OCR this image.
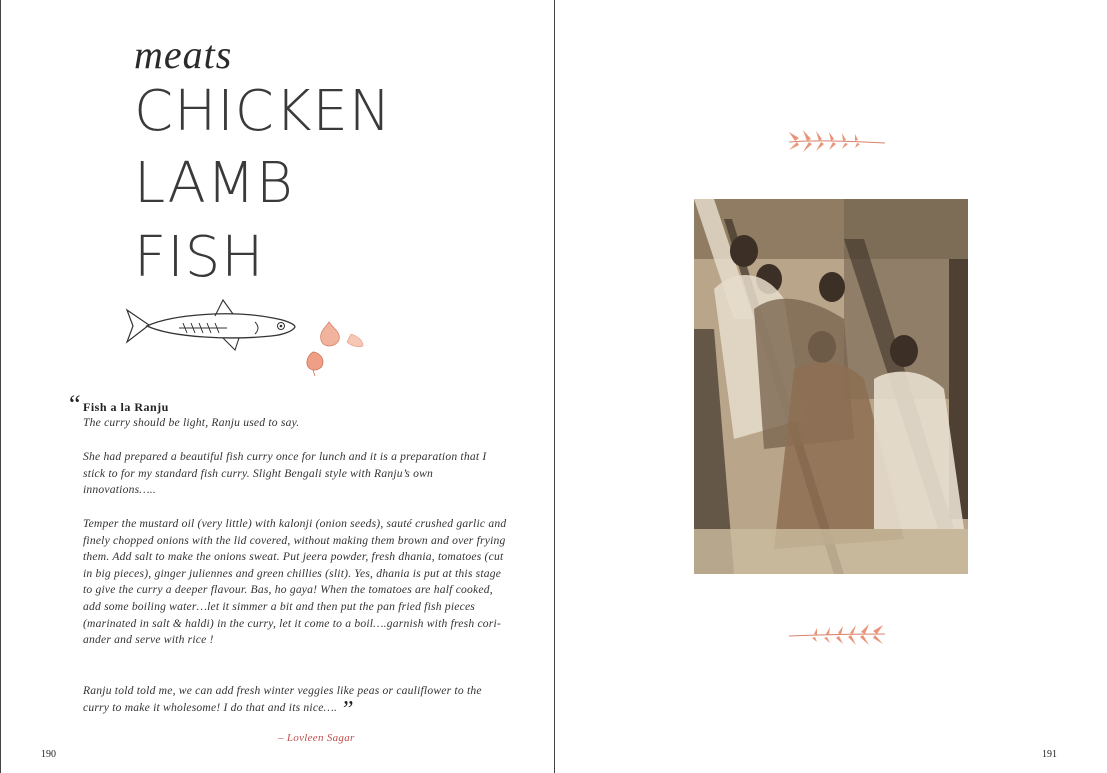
meats
CHICKEN
LAMB
FISH
“ Fish a la Ranju

The curry should be light, Ranju used to say.

She had prepared a beautiful fish curry once for lunch and it is a preparation that I stick to for my standard fish curry. Slight Bengali style with Ranju’s own innovations…..

Temper the mustard oil (very little) with kalonji (onion seeds), sauté crushed garlic and finely chopped onions with the lid covered, without making them brown and over frying them. Add salt to make the onions sweat. Put jeera powder, fresh dhania, tomatoes (cut in big pieces), ginger juliennes and green chillies (slit). Yes, dhania is put at this stage to give the curry a deeper flavour. Bas, ho gaya! When the tomatoes are half cooked, add some boiling water…let it simmer a bit and then put the pan fried fish pieces (marinated in salt & haldi) in the curry, let it come to a boil….garnish with fresh cori-ander and serve with rice !

Ranju told told me, we can add fresh winter veggies like peas or cauliflower to the curry to make it wholesome! I do that and its nice…. ”

– Lovleen Sagar
190	191
